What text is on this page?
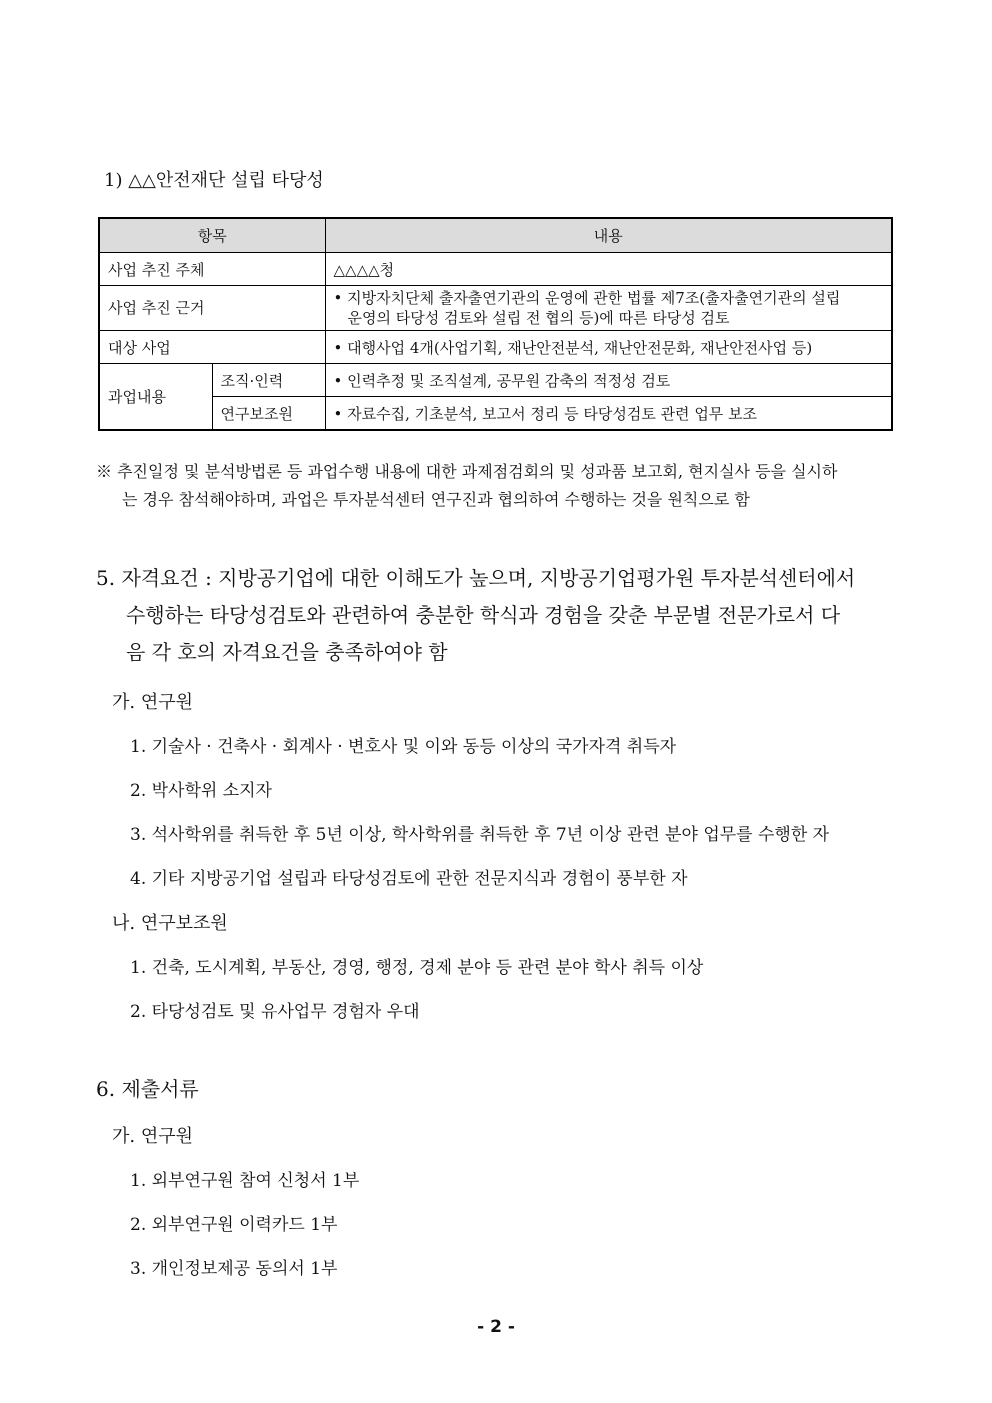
1) △△안전재단 설립 타당성
항목		내용
사업 추진 주체		△△△△청
사업 추진 근거		• 지방자치단체 출자출연기관의 운영에 관한 법률 제7조(출자출연기관의 설립
운영의 타당성 검토와 설립 전 협의 등)에 따른 타당성 검토

대상 사업		• 대행사업 4개(사업기획, 재난안전분석, 재난안전문화, 재난안전사업 등)
과업내용	조직·인력	• 인력추정 및 조직설계, 공무원 감축의 적정성 검토
	연구보조원	• 자료수집, 기초분석, 보고서 정리 등 타당성검토 관련 업무 보조
※ 추진일정 및 분석방법론 등 과업수행 내용에 대한 과제점검회의 및 성과품 보고회, 현지실사 등을 실시하
는 경우 참석해야하며, 과업은 투자분석센터 연구진과 협의하여 수행하는 것을 원칙으로 함
5. 자격요건 : 지방공기업에 대한 이해도가 높으며, 지방공기업평가원 투자분석센터에서
수행하는 타당성검토와 관련하여 충분한 학식과 경험을 갖춘 부문별 전문가로서 다
음 각 호의 자격요건을 충족하여야 함
가. 연구원
1. 기술사 · 건축사 · 회계사 · 변호사 및 이와 동등 이상의 국가자격 취득자
2. 박사학위 소지자
3. 석사학위를 취득한 후 5년 이상, 학사학위를 취득한 후 7년 이상 관련 분야 업무를 수행한 자
4. 기타 지방공기업 설립과 타당성검토에 관한 전문지식과 경험이 풍부한 자
나. 연구보조원
1. 건축, 도시계획, 부동산, 경영, 행정, 경제 분야 등 관련 분야 학사 취득 이상
2. 타당성검토 및 유사업무 경험자 우대
6. 제출서류
가. 연구원
1. 외부연구원 참여 신청서 1부
2. 외부연구원 이력카드 1부
3. 개인정보제공 동의서 1부
- 2 -
